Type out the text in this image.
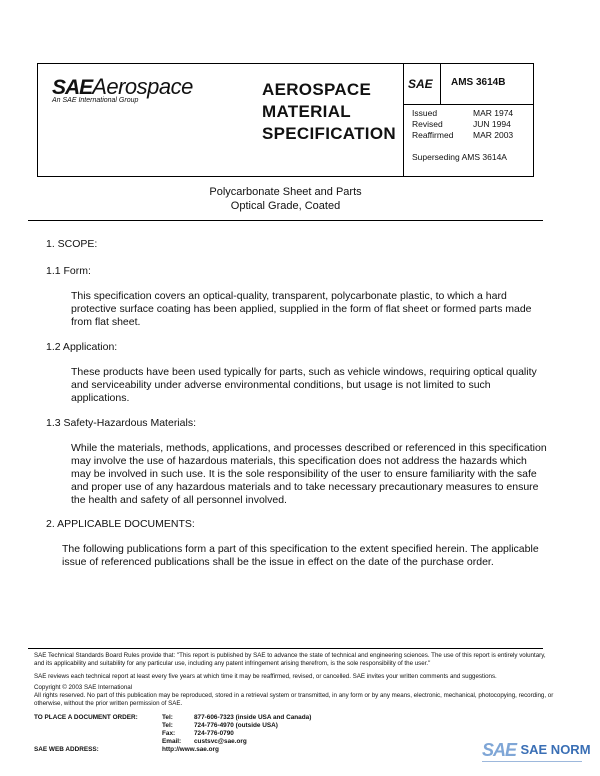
SAEAerospace
An SAE International Group
AEROSPACE
MATERIAL
SPECIFICATION
SAE AMS 3614B
Issued	MAR 1974
Revised	JUN 1994
Reaffirmed	MAR 2003
Superseding AMS 3614A
Polycarbonate Sheet and Parts
Optical Grade, Coated
1. SCOPE:
1.1 Form:
This specification covers an optical-quality, transparent, polycarbonate plastic, to which a hard protective surface coating has been applied, supplied in the form of flat sheet or formed parts made from flat sheet.
1.2 Application:
These products have been used typically for parts, such as vehicle windows, requiring optical quality and serviceability under adverse environmental conditions, but usage is not limited to such applications.
1.3 Safety-Hazardous Materials:
While the materials, methods, applications, and processes described or referenced in this specification may involve the use of hazardous materials, this specification does not address the hazards which may be involved in such use. It is the sole responsibility of the user to ensure familiarity with the safe and proper use of any hazardous materials and to take necessary precautionary measures to ensure the health and safety of all personnel involved.
2. APPLICABLE DOCUMENTS:
The following publications form a part of this specification to the extent specified herein. The applicable issue of referenced publications shall be the issue in effect on the date of the purchase order.
SAE Technical Standards Board Rules provide that: "This report is published by SAE to advance the state of technical and engineering sciences. The use of this report is entirely voluntary, and its applicability and suitability for any particular use, including any patent infringement arising therefrom, is the sole responsibility of the user."
SAE reviews each technical report at least every five years at which time it may be reaffirmed, revised, or cancelled. SAE invites your written comments and suggestions.
Copyright © 2003 SAE International
All rights reserved. No part of this publication may be reproduced, stored in a retrieval system or transmitted, in any form or by any means, electronic, mechanical, photocopying, recording, or otherwise, without the prior written permission of SAE.
TO PLACE A DOCUMENT ORDER:	Tel:	877-606-7323 (inside USA and Canada)
Tel:	724-776-4970 (outside USA)
Fax:	724-776-0790
Email:	custsvc@sae.org
SAE WEB ADDRESS:	http://www.sae.org	SAE SAE NORM
